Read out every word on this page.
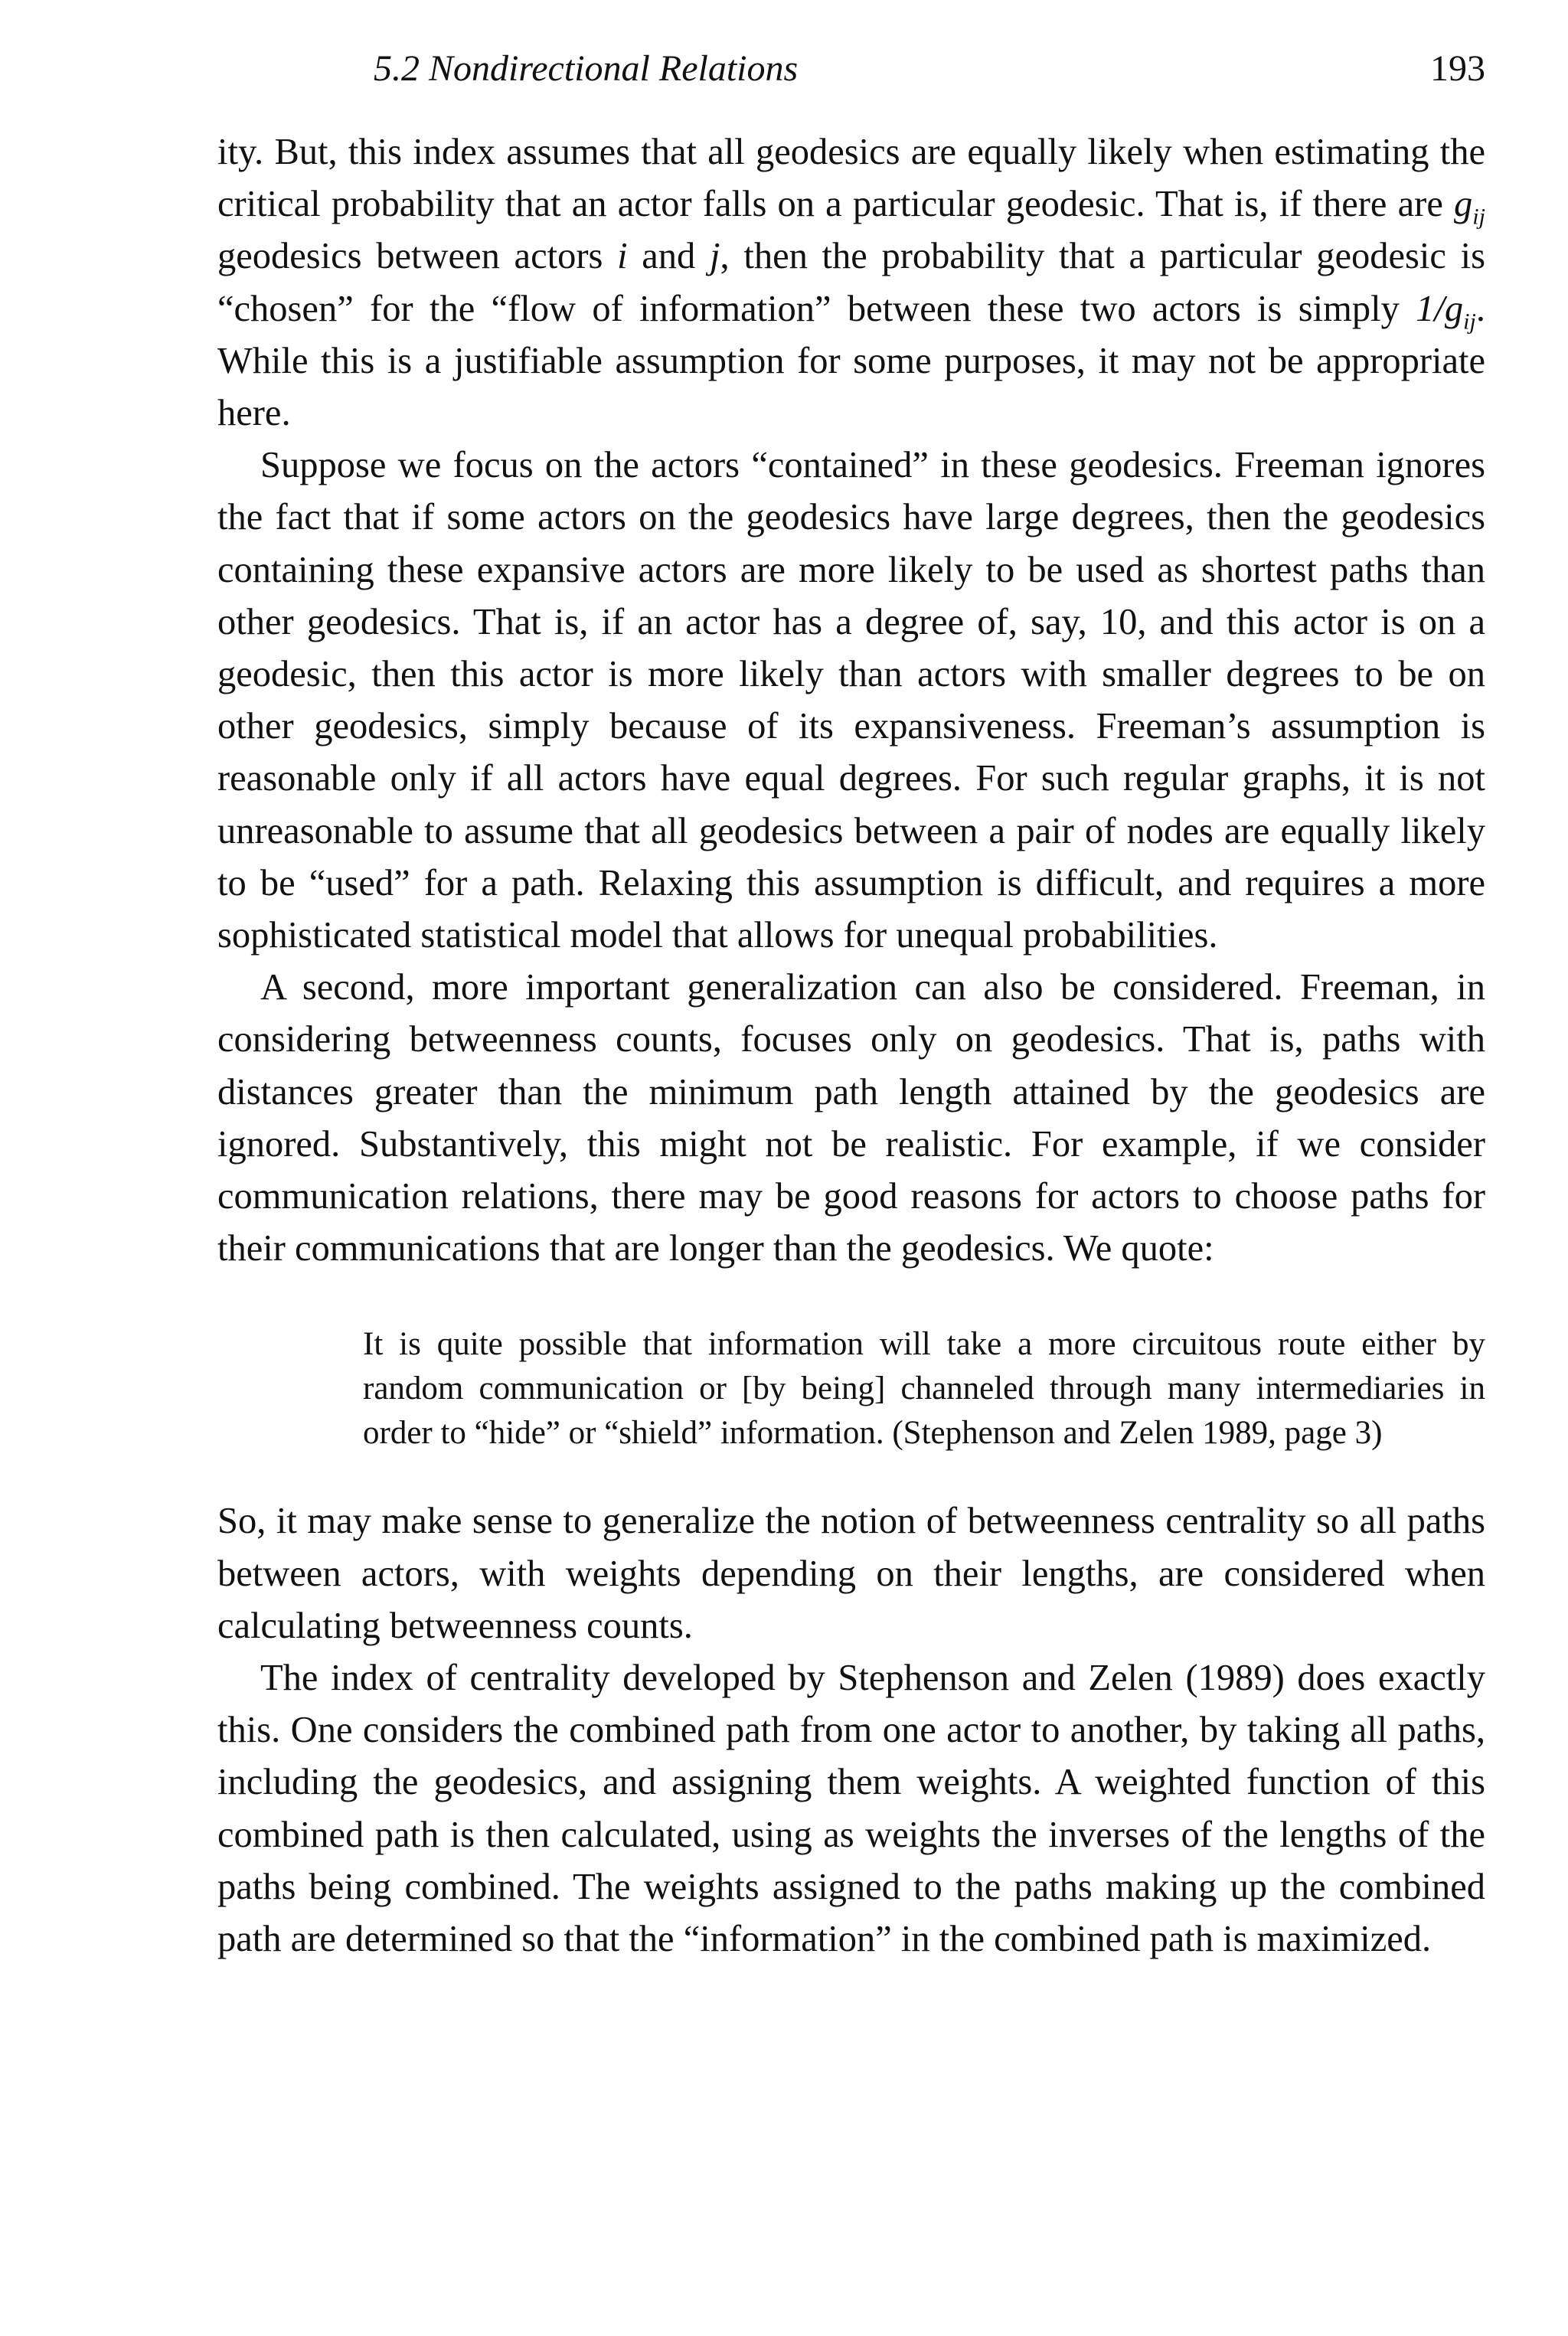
5.2 Nondirectional Relations	193

ity. But, this index assumes that all geodesics are equally likely when estimating the critical probability that an actor falls on a particular geodesic. That is, if there are $g_{ij}$ geodesics between actors i and j, then the probability that a particular geodesic is “chosen” for the “flow of information” between these two actors is simply $1/g_{ij}$. While this is a justifiable assumption for some purposes, it may not be appropriate here.

Suppose we focus on the actors “contained” in these geodesics. Freeman ignores the fact that if some actors on the geodesics have large degrees, then the geodesics containing these expansive actors are more likely to be used as shortest paths than other geodesics. That is, if an actor has a degree of, say, 10, and this actor is on a geodesic, then this actor is more likely than actors with smaller degrees to be on other geodesics, simply because of its expansiveness. Freeman’s assumption is reasonable only if all actors have equal degrees. For such regular graphs, it is not unreasonable to assume that all geodesics between a pair of nodes are equally likely to be “used” for a path. Relaxing this assumption is difficult, and requires a more sophisticated statistical model that allows for unequal probabilities.

A second, more important generalization can also be considered. Freeman, in considering betweenness counts, focuses only on geodesics. That is, paths with distances greater than the minimum path length attained by the geodesics are ignored. Substantively, this might not be realistic. For example, if we consider communication relations, there may be good reasons for actors to choose paths for their communications that are longer than the geodesics. We quote:

It is quite possible that information will take a more circuitous route either by random communication or [by being] channeled through many intermediaries in order to “hide” or “shield” information. (Stephenson and Zelen 1989, page 3)

So, it may make sense to generalize the notion of betweenness centrality so all paths between actors, with weights depending on their lengths, are considered when calculating betweenness counts.

The index of centrality developed by Stephenson and Zelen (1989) does exactly this. One considers the combined path from one actor to another, by taking all paths, including the geodesics, and assigning them weights. A weighted function of this combined path is then calculated, using as weights the inverses of the lengths of the paths being combined. The weights assigned to the paths making up the combined path are determined so that the “information” in the combined path is maximized.
